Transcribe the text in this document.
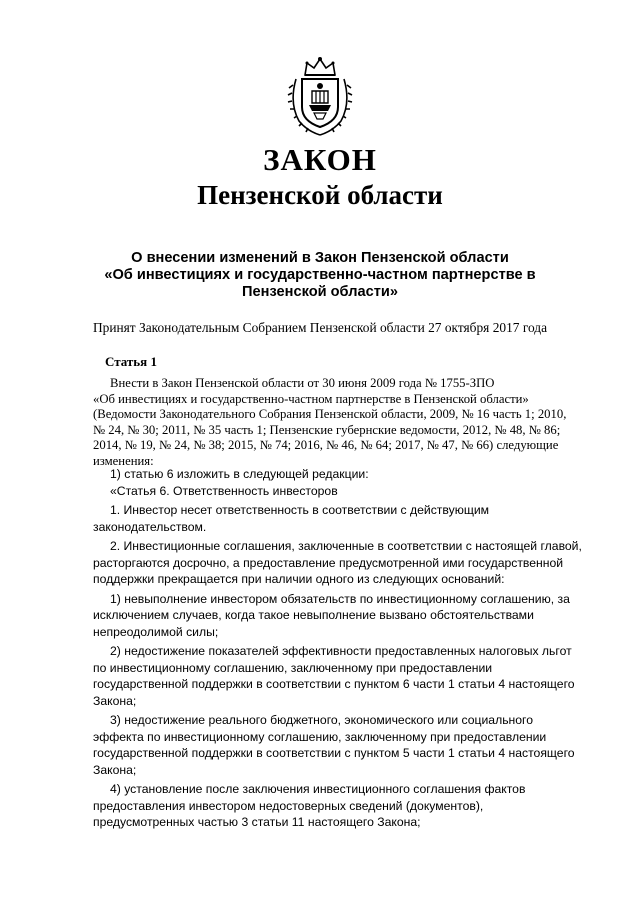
ЗАКОН
Пензенской области
О внесении изменений в Закон Пензенской области
«Об инвестициях и государственно-частном партнерстве в
Пензенской области»
Принят Законодательным Собранием Пензенской области 27 октября 2017 года
Статья 1
Внести в Закон Пензенской области от 30 июня 2009 года № 1755-ЗПО
«Об инвестициях и государственно-частном партнерстве в Пензенской области»
(Ведомости Законодательного Собрания Пензенской области, 2009, № 16 часть 1; 2010,
№ 24, № 30; 2011, № 35 часть 1; Пензенские губернские ведомости, 2012, № 48, № 86;
2014, № 19, № 24, № 38; 2015, № 74; 2016, № 46, № 64; 2017, № 47, № 66) следующие
изменения:
1) статью 6 изложить в следующей редакции:
«Статья 6. Ответственность инвесторов
1. Инвестор несет ответственность в соответствии с действующим
законодательством.
2. Инвестиционные соглашения, заключенные в соответствии с настоящей главой,
расторгаются досрочно, а предоставление предусмотренной ими государственной
поддержки прекращается при наличии одного из следующих оснований:
1) невыполнение инвестором обязательств по инвестиционному соглашению, за
исключением случаев, когда такое невыполнение вызвано обстоятельствами
непреодолимой силы;
2) недостижение показателей эффективности предоставленных налоговых льгот
по инвестиционному соглашению, заключенному при предоставлении
государственной поддержки в соответствии с пунктом 6 части 1 статьи 4 настоящего
Закона;
3) недостижение реального бюджетного, экономического или социального
эффекта по инвестиционному соглашению, заключенному при предоставлении
государственной поддержки в соответствии с пунктом 5 части 1 статьи 4 настоящего
Закона;
4) установление после заключения инвестиционного соглашения фактов
предоставления инвестором недостоверных сведений (документов),
предусмотренных частью 3 статьи 11 настоящего Закона;
